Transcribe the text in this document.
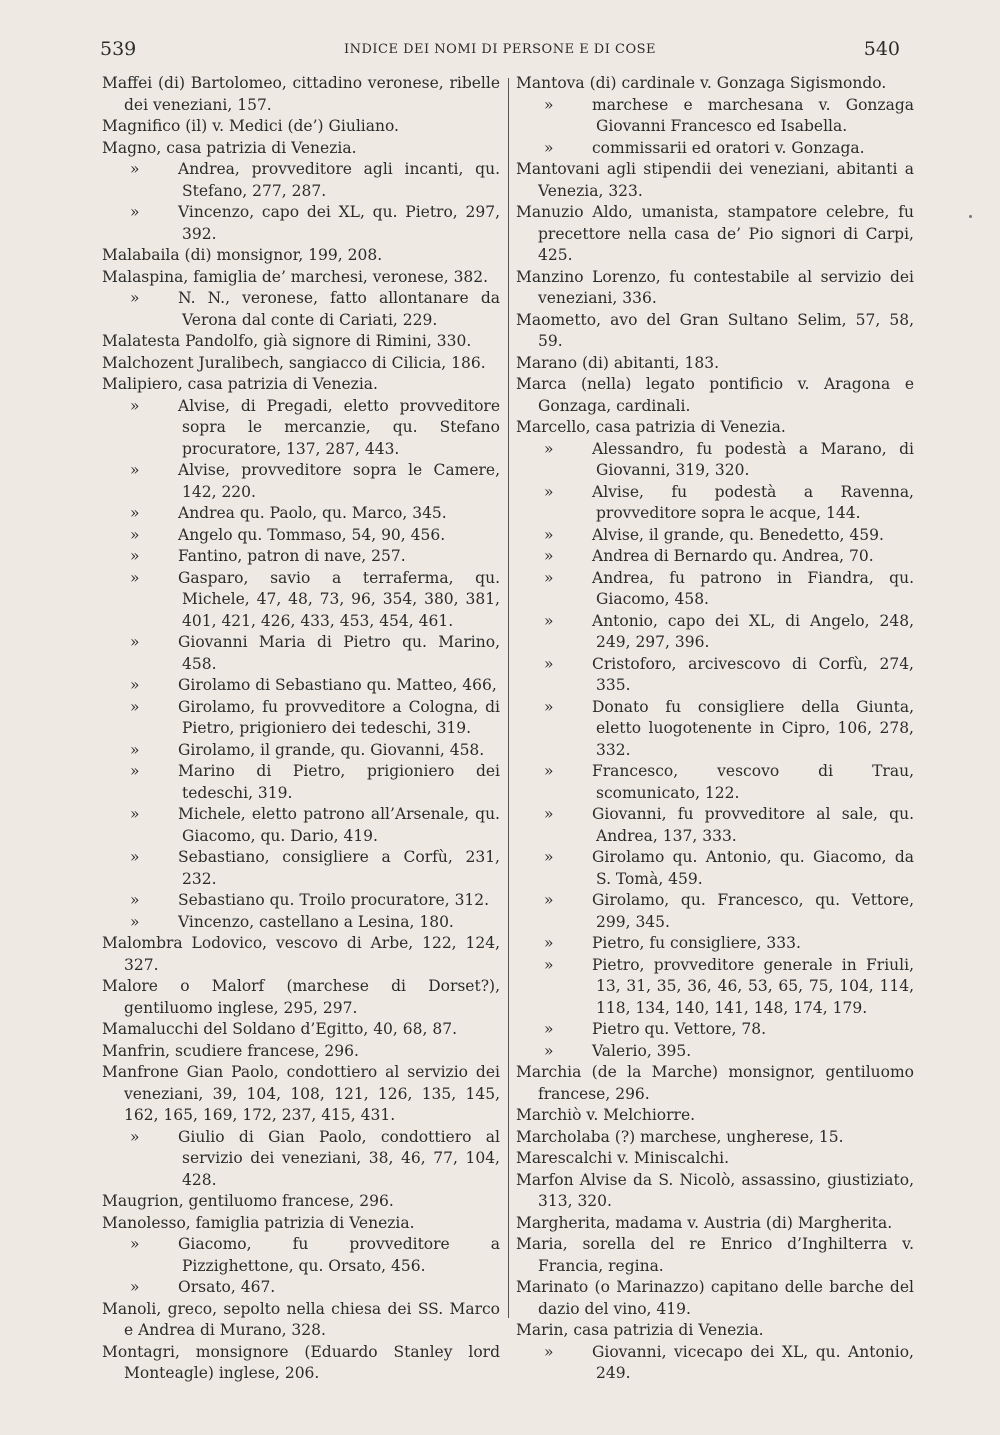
539	INDICE DEI NOMI DI PERSONE E DI COSE	540

Maffei (di) Bartolomeo, cittadino veronese, ribelle dei veneziani, 157.

Magnifico (il) v. Medici (de’) Giuliano.

Magno, casa patrizia di Venezia.

» Andrea, provveditore agli incanti, qu. Stefano, 277, 287.

» Vincenzo, capo dei XL, qu. Pietro, 297, 392.

Malabaila (di) monsignor, 199, 208.

Malaspina, famiglia de’ marchesi, veronese, 382.

» N. N., veronese, fatto allontanare da Verona dal conte di Cariati, 229.

Malatesta Pandolfo, già signore di Rimini, 330.

Malchozent Juralibech, sangiacco di Cilicia, 186.

Malipiero, casa patrizia di Venezia.

» Alvise, di Pregadi, eletto provveditore sopra le mercanzie, qu. Stefano procuratore, 137, 287, 443.

» Alvise, provveditore sopra le Camere, 142, 220.

» Andrea qu. Paolo, qu. Marco, 345.

» Angelo qu. Tommaso, 54, 90, 456.

» Fantino, patron di nave, 257.

» Gasparo, savio a terraferma, qu. Michele, 47, 48, 73, 96, 354, 380, 381, 401, 421, 426, 433, 453, 454, 461.

» Giovanni Maria di Pietro qu. Marino, 458.

» Girolamo di Sebastiano qu. Matteo, 466,

» Girolamo, fu provveditore a Cologna, di Pietro, prigioniero dei tedeschi, 319.

» Girolamo, il grande, qu. Giovanni, 458.

» Marino di Pietro, prigioniero dei tedeschi, 319.

» Michele, eletto patrono all’Arsenale, qu. Giacomo, qu. Dario, 419.

» Sebastiano, consigliere a Corfù, 231, 232.

» Sebastiano qu. Troilo procuratore, 312.

» Vincenzo, castellano a Lesina, 180.

Malombra Lodovico, vescovo di Arbe, 122, 124, 327.

Malore o Malorf (marchese di Dorset?), gentiluomo inglese, 295, 297.

Mamalucchi del Soldano d’Egitto, 40, 68, 87.

Manfrin, scudiere francese, 296.

Manfrone Gian Paolo, condottiero al servizio dei veneziani, 39, 104, 108, 121, 126, 135, 145, 162, 165, 169, 172, 237, 415, 431.

» Giulio di Gian Paolo, condottiero al servizio dei veneziani, 38, 46, 77, 104, 428.

Maugrion, gentiluomo francese, 296.

Manolesso, famiglia patrizia di Venezia.

» Giacomo, fu provveditore a Pizzighettone, qu. Orsato, 456.

» Orsato, 467.

Manoli, greco, sepolto nella chiesa dei SS. Marco e Andrea di Murano, 328.

Montagri, monsignore (Eduardo Stanley lord Monteagle) inglese, 206.

Mantova (di) cardinale v. Gonzaga Sigismondo.

» marchese e marchesana v. Gonzaga Giovanni Francesco ed Isabella.

» commissarii ed oratori v. Gonzaga.

Mantovani agli stipendii dei veneziani, abitanti a Venezia, 323.

Manuzio Aldo, umanista, stampatore celebre, fu precettore nella casa de’ Pio signori di Carpi, 425.

Manzino Lorenzo, fu contestabile al servizio dei veneziani, 336.

Maometto, avo del Gran Sultano Selim, 57, 58, 59.

Marano (di) abitanti, 183.

Marca (nella) legato pontificio v. Aragona e Gonzaga, cardinali.

Marcello, casa patrizia di Venezia.

» Alessandro, fu podestà a Marano, di Giovanni, 319, 320.

» Alvise, fu podestà a Ravenna, provveditore sopra le acque, 144.

» Alvise, il grande, qu. Benedetto, 459.

» Andrea di Bernardo qu. Andrea, 70.

» Andrea, fu patrono in Fiandra, qu. Giacomo, 458.

» Antonio, capo dei XL, di Angelo, 248, 249, 297, 396.

» Cristoforo, arcivescovo di Corfù, 274, 335.

» Donato fu consigliere della Giunta, eletto luogotenente in Cipro, 106, 278, 332.

» Francesco, vescovo di Trau, scomunicato, 122.

» Giovanni, fu provveditore al sale, qu. Andrea, 137, 333.

» Girolamo qu. Antonio, qu. Giacomo, da S. Tomà, 459.

» Girolamo, qu. Francesco, qu. Vettore, 299, 345.

» Pietro, fu consigliere, 333.

» Pietro, provveditore generale in Friuli, 13, 31, 35, 36, 46, 53, 65, 75, 104, 114, 118, 134, 140, 141, 148, 174, 179.

» Pietro qu. Vettore, 78.

» Valerio, 395.

Marchia (de la Marche) monsignor, gentiluomo francese, 296.

Marchiò v. Melchiorre.

Marcholaba (?) marchese, ungherese, 15.

Marescalchi v. Miniscalchi.

Marfon Alvise da S. Nicolò, assassino, giustiziato, 313, 320.

Margherita, madama v. Austria (di) Margherita.

Maria, sorella del re Enrico d’Inghilterra v. Francia, regina.

Marinato (o Marinazzo) capitano delle barche del dazio del vino, 419.

Marin, casa patrizia di Venezia.

» Giovanni, vicecapo dei XL, qu. Antonio, 249.
